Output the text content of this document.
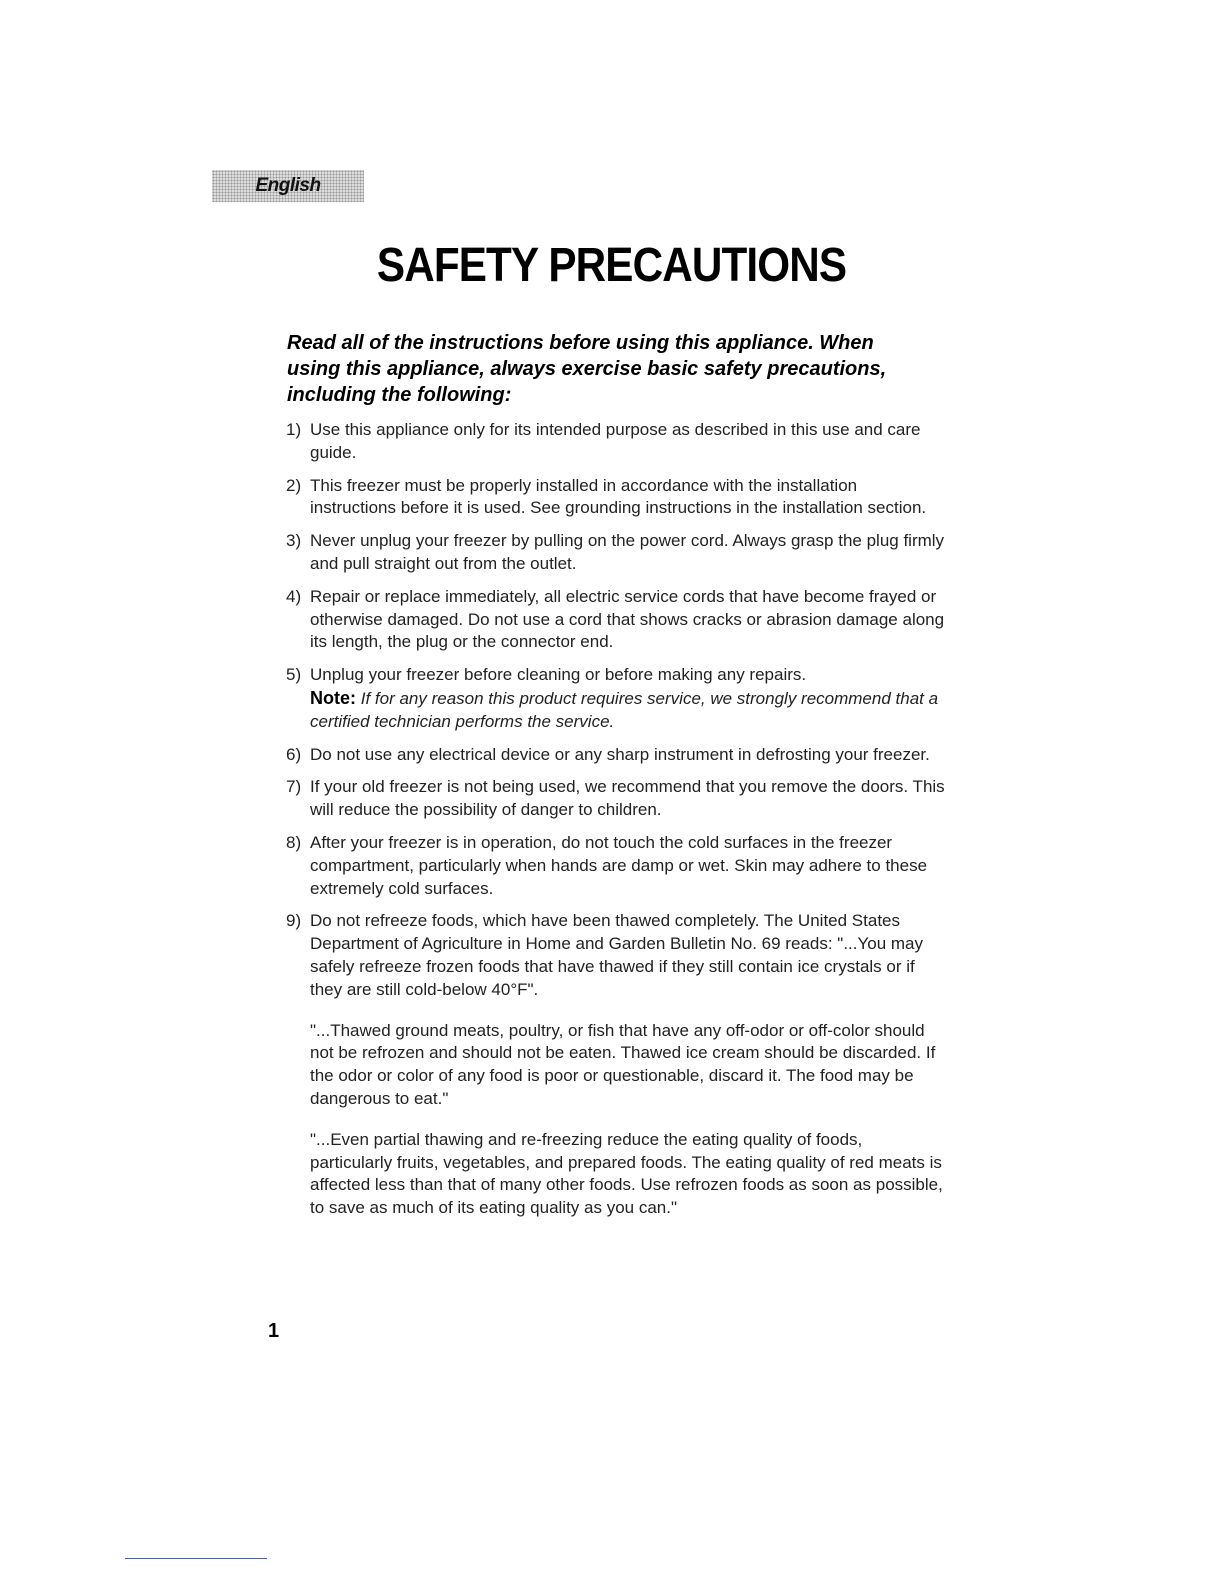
English
SAFETY PRECAUTIONS

Read all of the instructions before using this appliance. When using this appliance, always exercise basic safety precautions, including the following:

1) Use this appliance only for its intended purpose as described in this use and care guide.
2) This freezer must be properly installed in accordance with the installation instructions before it is used. See grounding instructions in the installation section.
3) Never unplug your freezer by pulling on the power cord. Always grasp the plug firmly and pull straight out from the outlet.
4) Repair or replace immediately, all electric service cords that have become frayed or otherwise damaged. Do not use a cord that shows cracks or abrasion damage along its length, the plug or the connector end.
5) Unplug your freezer before cleaning or before making any repairs.
Note: If for any reason this product requires service, we strongly recommend that a certified technician performs the service.
6) Do not use any electrical device or any sharp instrument in defrosting your freezer.
7) If your old freezer is not being used, we recommend that you remove the doors. This will reduce the possibility of danger to children.
8) After your freezer is in operation, do not touch the cold surfaces in the freezer compartment, particularly when hands are damp or wet. Skin may adhere to these extremely cold surfaces.
9) Do not refreeze foods, which have been thawed completely. The United States Department of Agriculture in Home and Garden Bulletin No. 69 reads: "...You may safely refreeze frozen foods that have thawed if they still contain ice crystals or if they are still cold-below 40°F".
"...Thawed ground meats, poultry, or fish that have any off-odor or off-color should not be refrozen and should not be eaten. Thawed ice cream should be discarded. If the odor or color of any food is poor or questionable, discard it. The food may be dangerous to eat."
"...Even partial thawing and re-freezing reduce the eating quality of foods, particularly fruits, vegetables, and prepared foods. The eating quality of red meats is affected less than that of many other foods. Use refrozen foods as soon as possible, to save as much of its eating quality as you can."
1
